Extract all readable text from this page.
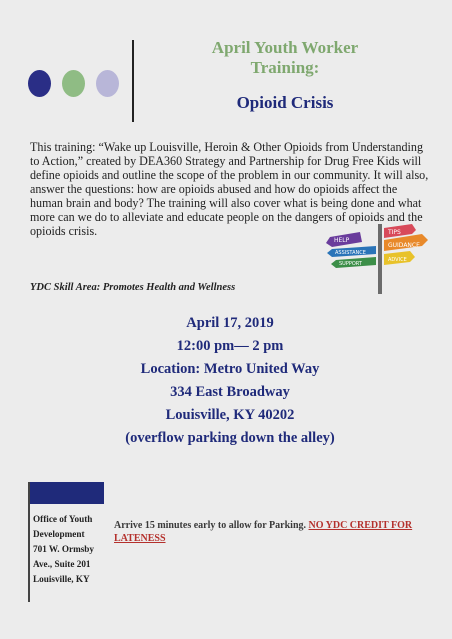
April Youth Worker
Training:
Opioid Crisis
This training: “Wake up Louisville, Heroin & Other Opioids from Understanding to Action,” created by DEA360 Strategy and Partnership for Drug Free Kids will define opioids and outline the scope of the problem in our community. It will also, answer the questions: how are opioids abused and how do opioids affect the human brain and body? The training will also cover what is being done and what more can we do to alleviate and educate people on the dangers of opioids and the opioids crisis.
HELP
TIPS
ASSISTANCE
GUIDANCE
SUPPORT
ADVICE
YDC Skill Area: Promotes Health and Wellness
April 17, 2019
12:00 pm— 2 pm
Location: Metro United Way
334 East Broadway
Louisville, KY 40202
(overflow parking down the alley)
Office of Youth
Development
701 W. Ormsby
Ave., Suite 201
Louisville, KY
Arrive 15 minutes early to allow for Parking. NO YDC CREDIT FOR LATENESS
